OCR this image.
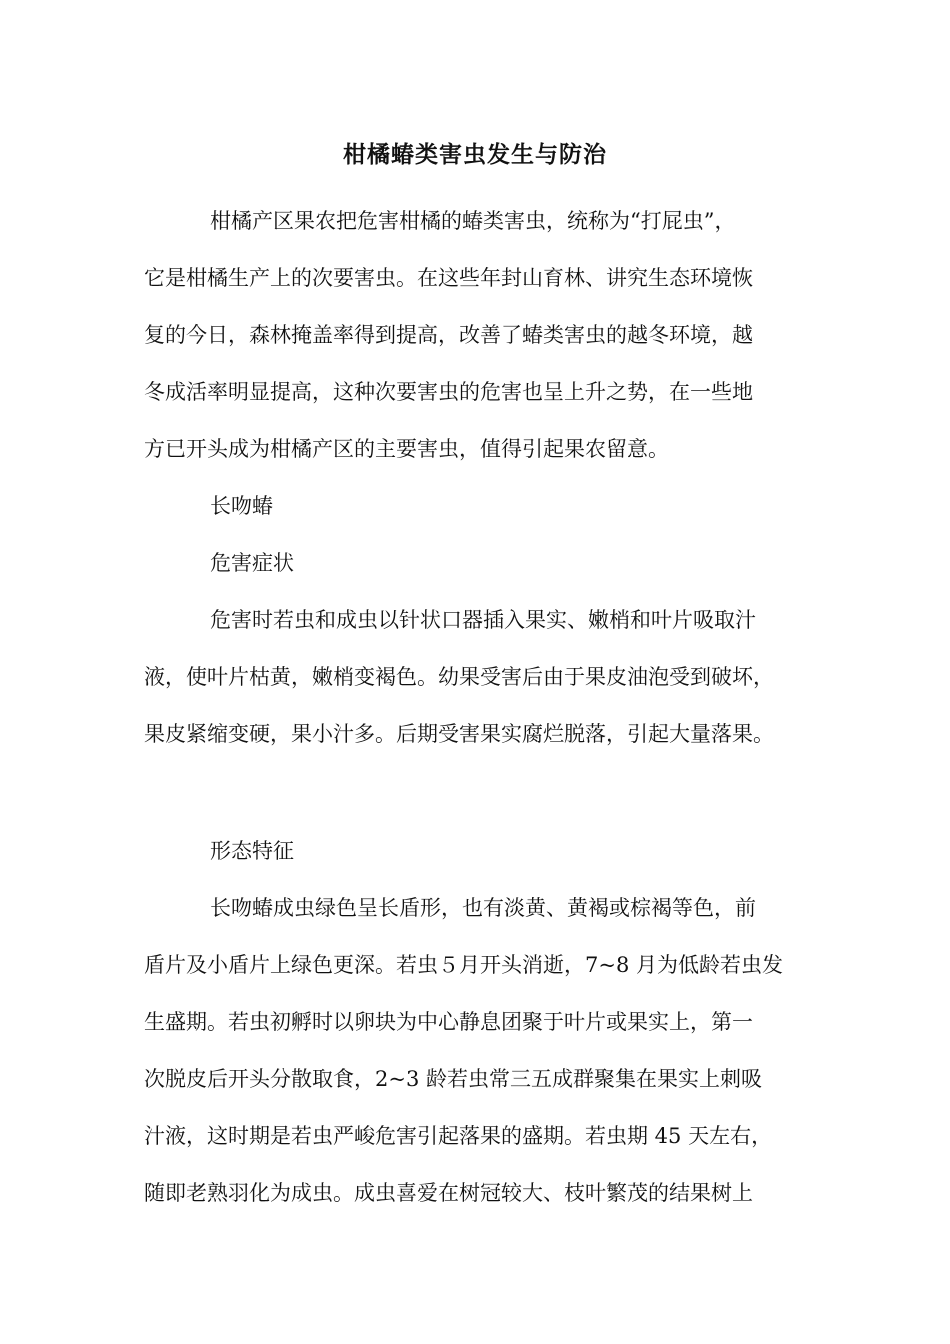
柑橘蝽类害虫发生与防治
柑橘产区果农把危害柑橘的蝽类害虫，统称为“打屁虫”，
它是柑橘生产上的次要害虫。在这些年封山育林、讲究生态环境恢
复的今日，森林掩盖率得到提高，改善了蝽类害虫的越冬环境，越
冬成活率明显提高，这种次要害虫的危害也呈上升之势，在一些地
方已开头成为柑橘产区的主要害虫，值得引起果农留意。
长吻蝽
危害症状
危害时若虫和成虫以针状口器插入果实、嫩梢和叶片吸取汁
液，使叶片枯黄，嫩梢变褐色。幼果受害后由于果皮油泡受到破坏，
果皮紧缩变硬，果小汁多。后期受害果实腐烂脱落，引起大量落果。
形态特征
长吻蝽成虫绿色呈长盾形，也有淡黄、黄褐或棕褐等色，前
盾片及小盾片上绿色更深。若虫５月开头消逝，7~8 月为低龄若虫发
生盛期。若虫初孵时以卵块为中心静息团聚于叶片或果实上，第一
次脱皮后开头分散取食，2~3 龄若虫常三五成群聚集在果实上刺吸
汁液，这时期是若虫严峻危害引起落果的盛期。若虫期 45 天左右，
随即老熟羽化为成虫。成虫喜爱在树冠较大、枝叶繁茂的结果树上
